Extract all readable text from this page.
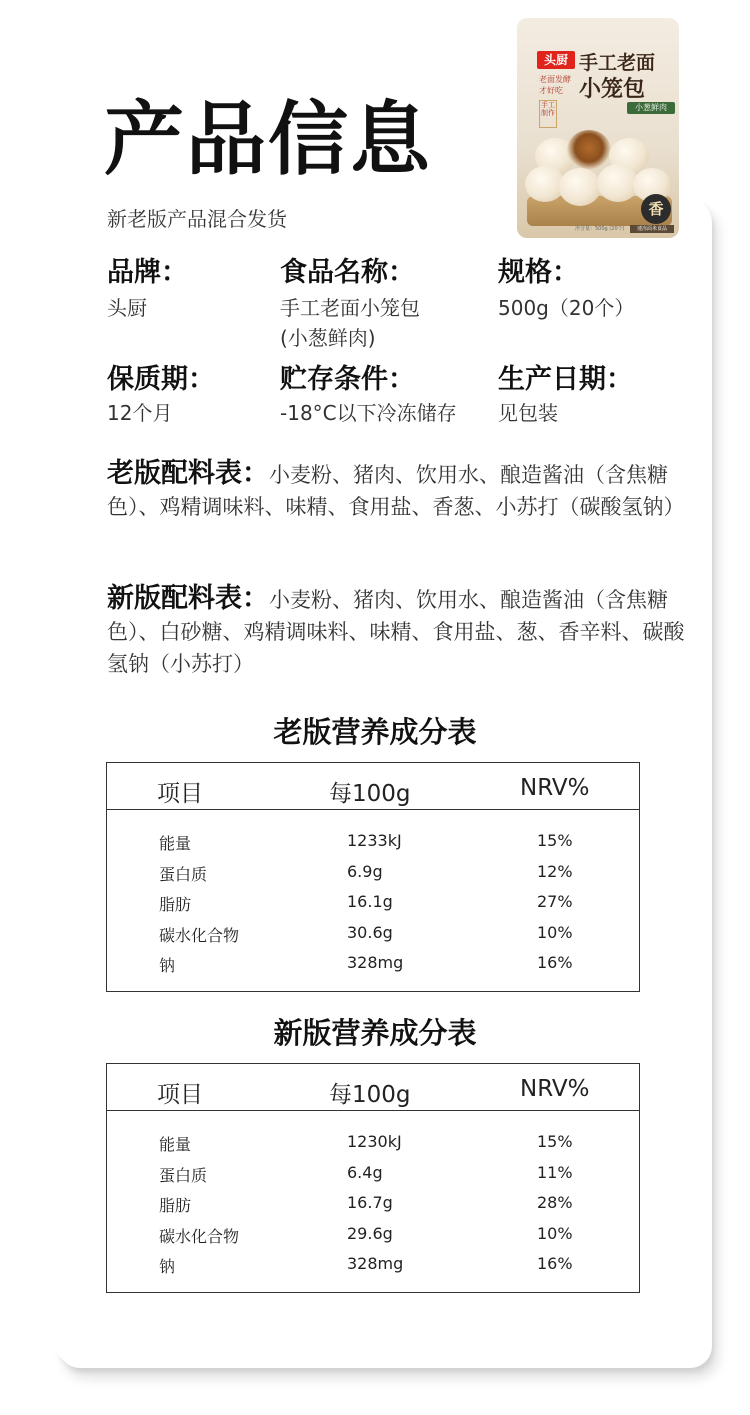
产品信息
新老版产品混合发货
头厨 手工老面
小笼包
老面发酵 才好吃
小葱鲜肉
手工
制作
香
净含量：500g (20个)	速冻面米食品
品牌：
头厨
食品名称：
手工老面小笼包
(小葱鲜肉)
规格：
500g（20个）
保质期：
12个月
贮存条件：
-18°C以下冷冻储存
生产日期：
见包装
老版配料表：小麦粉、猪肉、饮用水、酿造酱油（含焦糖色）、鸡精调味料、味精、食用盐、香葱、小苏打（碳酸氢钠）
新版配料表：小麦粉、猪肉、饮用水、酿造酱油（含焦糖色）、白砂糖、鸡精调味料、味精、食用盐、葱、香辛料、碳酸氢钠（小苏打）
老版营养成分表
项目	每100g	NRV%
能量	1233kJ	15%
蛋白质	6.9g	12%
脂肪	16.1g	27%
碳水化合物	30.6g	10%
钠	328mg	16%
新版营养成分表
项目	每100g	NRV%
能量	1230kJ	15%
蛋白质	6.4g	11%
脂肪	16.7g	28%
碳水化合物	29.6g	10%
钠	328mg	16%
